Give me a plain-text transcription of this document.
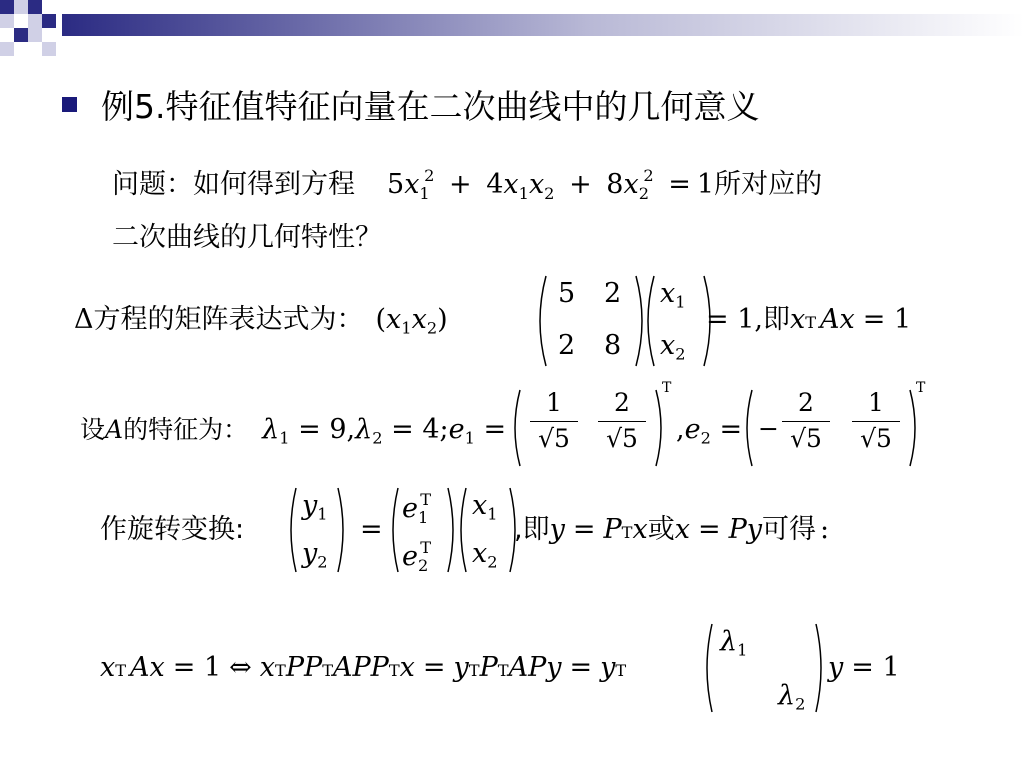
例5.特征值特征向量在二次曲线中的几何意义
问题：如何得到方程 $5x_1^2 + 4x_1x_2 + 8x_2^2 = 1$ 所对应的
二次曲线的几何特性？
Δ 方程的矩阵表达式为： $(x_1x_2)$
5 2
2 8
$x_1$
$x_2$
= 1, 即 x T Ax = 1
设 A 的特征为： $\lambda_1 = 9,\lambda_2$ = $4;e_1$ =
1
√5
2
√5
T
$,e_2$ = −
2
√5
1
√5
T
作旋转变换:
$y_1$
$y_2$
=
$e_1^T$
$e_2^T$
$x_1$
$x_2$
,即 y = P T x 或 x = Py 可得 :
x T Ax = 1 ⇔ x T P P T APP T x = y T P T APy = y T
$\lambda_1$
$\lambda_2$
y = 1
